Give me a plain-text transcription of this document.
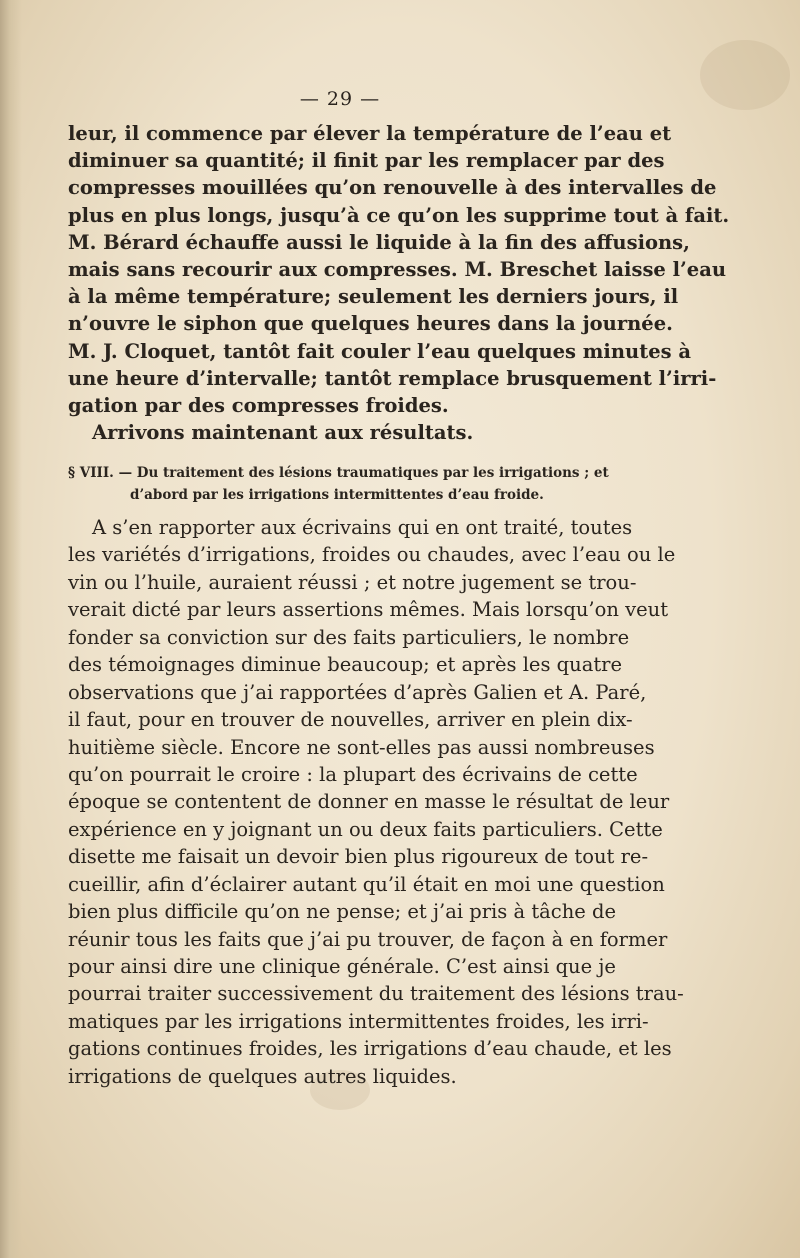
— 29 —
leur, il commence par élever la température de l’eau et
diminuer sa quantité; il finit par les remplacer par des
compresses mouillées qu’on renouvelle à des intervalles de
plus en plus longs, jusqu’à ce qu’on les supprime tout à fait.
M. Bérard échauffe aussi le liquide à la fin des affusions,
mais sans recourir aux compresses. M. Breschet laisse l’eau
à la même température; seulement les derniers jours, il
n’ouvre le siphon que quelques heures dans la journée.
M. J. Cloquet, tantôt fait couler l’eau quelques minutes à
une heure d’intervalle; tantôt remplace brusquement l’irri-
gation par des compresses froides.
Arrivons maintenant aux résultats.
§ VIII. — Du traitement des lésions traumatiques par les irrigations ; et
d’abord par les irrigations intermittentes d’eau froide.
A s’en rapporter aux écrivains qui en ont traité, toutes
les variétés d’irrigations, froides ou chaudes, avec l’eau ou le
vin ou l’huile, auraient réussi ; et notre jugement se trou-
verait dicté par leurs assertions mêmes. Mais lorsqu’on veut
fonder sa conviction sur des faits particuliers, le nombre
des témoignages diminue beaucoup; et après les quatre
observations que j’ai rapportées d’après Galien et A. Paré,
il faut, pour en trouver de nouvelles, arriver en plein dix-
huitième siècle. Encore ne sont-elles pas aussi nombreuses
qu’on pourrait le croire : la plupart des écrivains de cette
époque se contentent de donner en masse le résultat de leur
expérience en y joignant un ou deux faits particuliers. Cette
disette me faisait un devoir bien plus rigoureux de tout re-
cueillir, afin d’éclairer autant qu’il était en moi une question
bien plus difficile qu’on ne pense; et j’ai pris à tâche de
réunir tous les faits que j’ai pu trouver, de façon à en former
pour ainsi dire une clinique générale. C’est ainsi que je
pourrai traiter successivement du traitement des lésions trau-
matiques par les irrigations intermittentes froides, les irri-
gations continues froides, les irrigations d’eau chaude, et les
irrigations de quelques autres liquides.
